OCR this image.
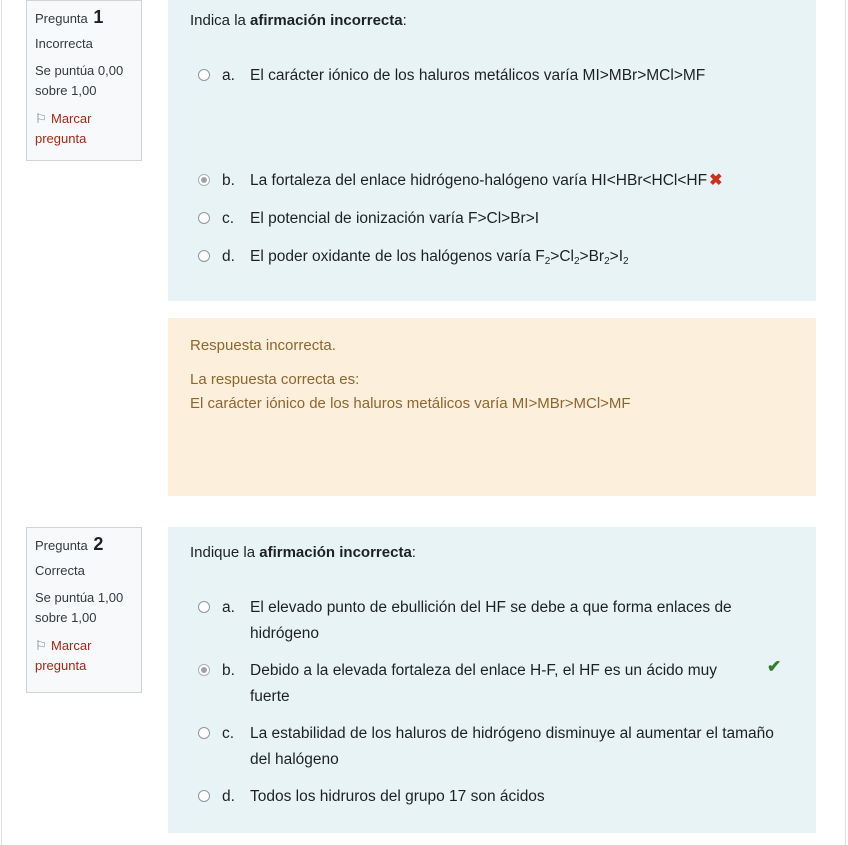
Pregunta 1
Incorrecta
Se puntúa 0,00 sobre 1,00
⚐ Marcar pregunta
Indica la afirmación incorrecta:
a. El carácter iónico de los haluros metálicos varía MI>MBr>MCl>MF
b. La fortaleza del enlace hidrógeno-halógeno varía HI<HBr<HCl<HF ✖
c.	El potencial de ionización varía F>Cl>Br>I
d. El poder oxidante de los halógenos varía $F_2>Cl_2>Br_2>I_2$
Respuesta incorrecta.
La respuesta correcta es:
El carácter iónico de los haluros metálicos varía MI>MBr>MCl>MF
Pregunta 2
Correcta
Se puntúa 1,00 sobre 1,00
⚐ Marcar pregunta
Indique la afirmación incorrecta:
a. El elevado punto de ebullición del HF se debe a que forma enlaces de hidrógeno
b. Debido a la elevada fortaleza del enlace H-F, el HF es un ácido muy fuerte
✔
c.	La estabilidad de los haluros de hidrógeno disminuye al aumentar el tamaño del halógeno
d. Todos los hidruros del grupo 17 son ácidos
